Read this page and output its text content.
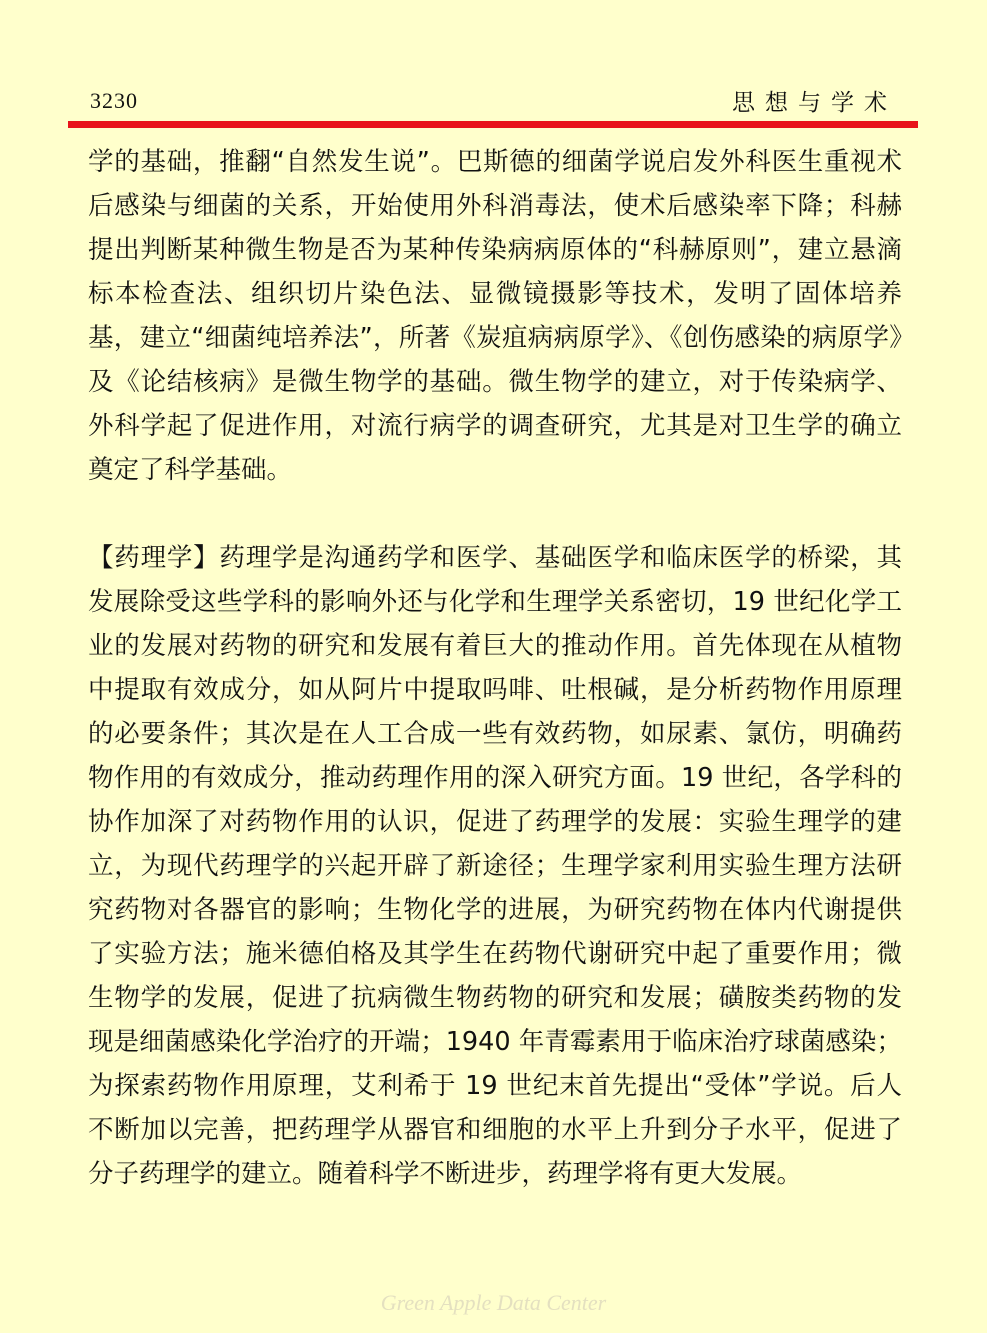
3230	思想与学术

学的基础，推翻“自然发生说”。巴斯德的细菌学说启发外科医生重视术后感染与细菌的关系，开始使用外科消毒法，使术后感染率下降；科赫提出判断某种微生物是否为某种传染病病原体的“科赫原则”，建立悬滴标本检查法、组织切片染色法、显微镜摄影等技术，发明了固体培养基，建立“细菌纯培养法”，所著《炭疽病病原学》、《创伤感染的病原学》及《论结核病》是微生物学的基础。微生物学的建立，对于传染病学、外科学起了促进作用，对流行病学的调查研究，尤其是对卫生学的确立奠定了科学基础。

【药理学】药理学是沟通药学和医学、基础医学和临床医学的桥梁，其发展除受这些学科的影响外还与化学和生理学关系密切，19 世纪化学工业的发展对药物的研究和发展有着巨大的推动作用。首先体现在从植物中提取有效成分，如从阿片中提取吗啡、吐根碱，是分析药物作用原理的必要条件；其次是在人工合成一些有效药物，如尿素、氯仿，明确药物作用的有效成分，推动药理作用的深入研究方面。19 世纪，各学科的协作加深了对药物作用的认识，促进了药理学的发展：实验生理学的建立，为现代药理学的兴起开辟了新途径；生理学家利用实验生理方法研究药物对各器官的影响；生物化学的进展，为研究药物在体内代谢提供了实验方法；施米德伯格及其学生在药物代谢研究中起了重要作用；微生物学的发展，促进了抗病微生物药物的研究和发展；磺胺类药物的发现是细菌感染化学治疗的开端；1940 年青霉素用于临床治疗球菌感染；为探索药物作用原理，艾利希于 19 世纪末首先提出“受体”学说。后人不断加以完善，把药理学从器官和细胞的水平上升到分子水平，促进了分子药理学的建立。随着科学不断进步，药理学将有更大发展。

Green Apple Data Center
